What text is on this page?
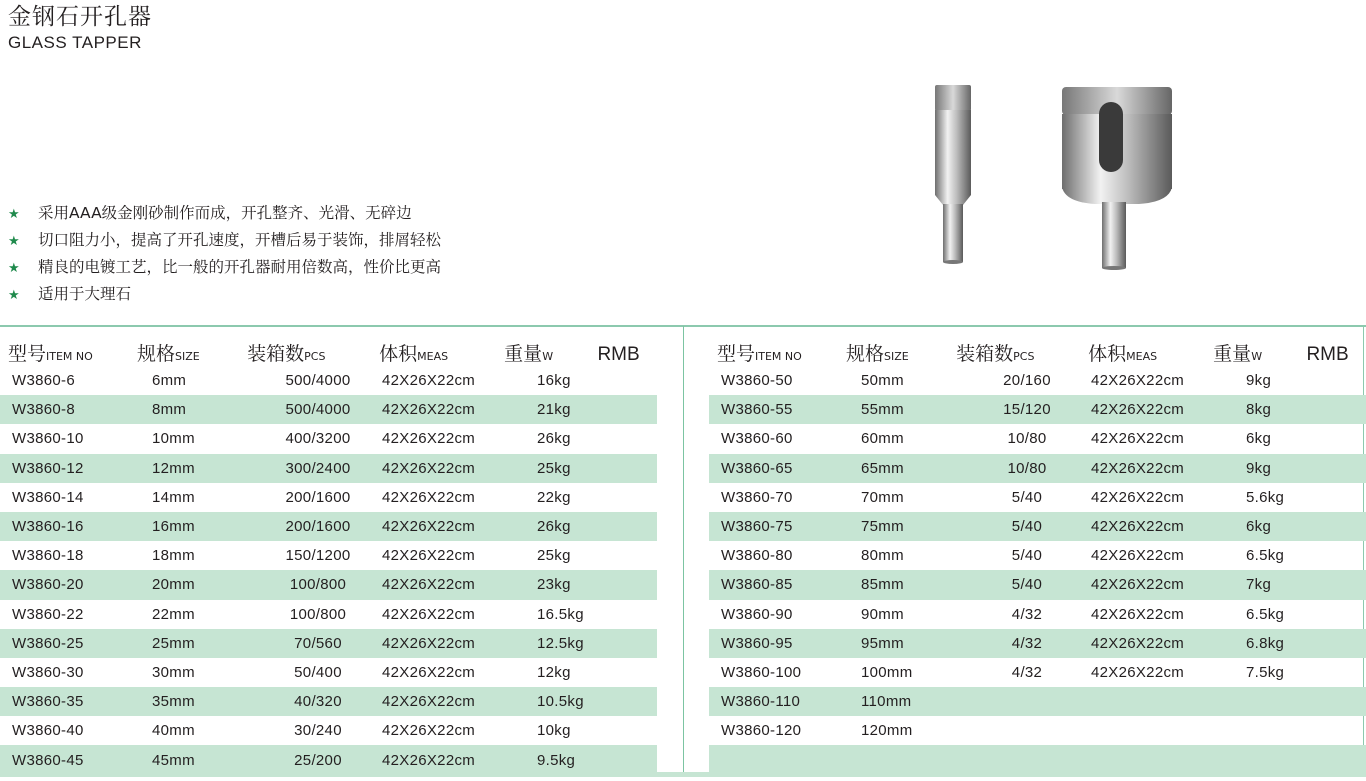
金钢石开孔器
GLASS TAPPER
★ 采用AAA级金刚砂制作而成，开孔整齐、光滑、无碎边
★ 切口阻力小，提高了开孔速度，开槽后易于装饰，排屑轻松
★ 精良的电镀工艺，比一般的开孔器耐用倍数高，性价比更高
★ 适用于大理石
型号ITEM NO	规格SIZE	装箱数PCS	体积MEAS	重量W	RMB
W3860-6	6mm	500/4000	42X26X22cm	16kg
W3860-8	8mm	500/4000	42X26X22cm	21kg
W3860-10	10mm	400/3200	42X26X22cm	26kg
W3860-12	12mm	300/2400	42X26X22cm	25kg
W3860-14	14mm	200/1600	42X26X22cm	22kg
W3860-16	16mm	200/1600	42X26X22cm	26kg
W3860-18	18mm	150/1200	42X26X22cm	25kg
W3860-20	20mm	100/800	42X26X22cm	23kg
W3860-22	22mm	100/800	42X26X22cm	16.5kg
W3860-25	25mm	70/560	42X26X22cm	12.5kg
W3860-30	30mm	50/400	42X26X22cm	12kg
W3860-35	35mm	40/320	42X26X22cm	10.5kg
W3860-40	40mm	30/240	42X26X22cm	10kg
W3860-45	45mm	25/200	42X26X22cm	9.5kg
型号ITEM NO	规格SIZE	装箱数PCS	体积MEAS	重量W	RMB
W3860-50	50mm	20/160	42X26X22cm	9kg
W3860-55	55mm	15/120	42X26X22cm	8kg
W3860-60	60mm	10/80	42X26X22cm	6kg
W3860-65	65mm	10/80	42X26X22cm	9kg
W3860-70	70mm	5/40	42X26X22cm	5.6kg
W3860-75	75mm	5/40	42X26X22cm	6kg
W3860-80	80mm	5/40	42X26X22cm	6.5kg
W3860-85	85mm	5/40	42X26X22cm	7kg
W3860-90	90mm	4/32	42X26X22cm	6.5kg
W3860-95	95mm	4/32	42X26X22cm	6.8kg
W3860-100	100mm	4/32	42X26X22cm	7.5kg
W3860-110	110mm
W3860-120	120mm
